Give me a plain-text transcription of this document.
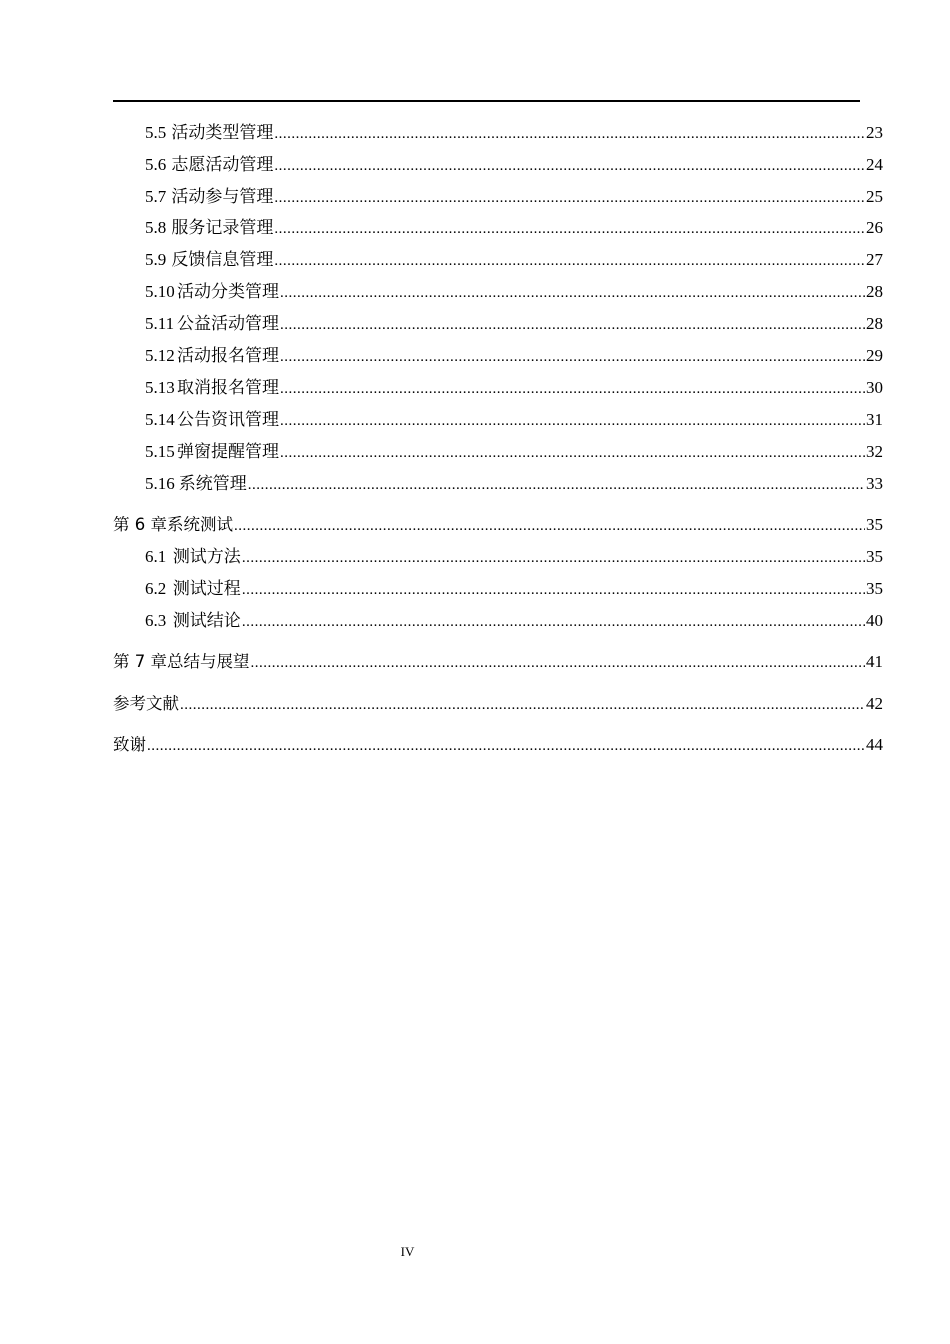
5.5 活动类型管理 .....	23
5.6 志愿活动管理 .....	24
5.7 活动参与管理 .....	25
5.8 服务记录管理 .....	26
5.9 反馈信息管理 .....	27
5.10 活动分类管理 .....	28
5.11 公益活动管理 .....	28
5.12 活动报名管理 .....	29
5.13 取消报名管理 .....	30
5.14 公告资讯管理 .....	31
5.15 弹窗提醒管理 .....	32
5.16 系统管理 .....	33
第 6 章 系统测试 .....	35
6.1 测试方法 .....	35
6.2 测试过程 .....	35
6.3 测试结论 .....	40
第 7 章 总结与展望 .....	41
参考文献 .....	42
致谢 .....	44
IV
